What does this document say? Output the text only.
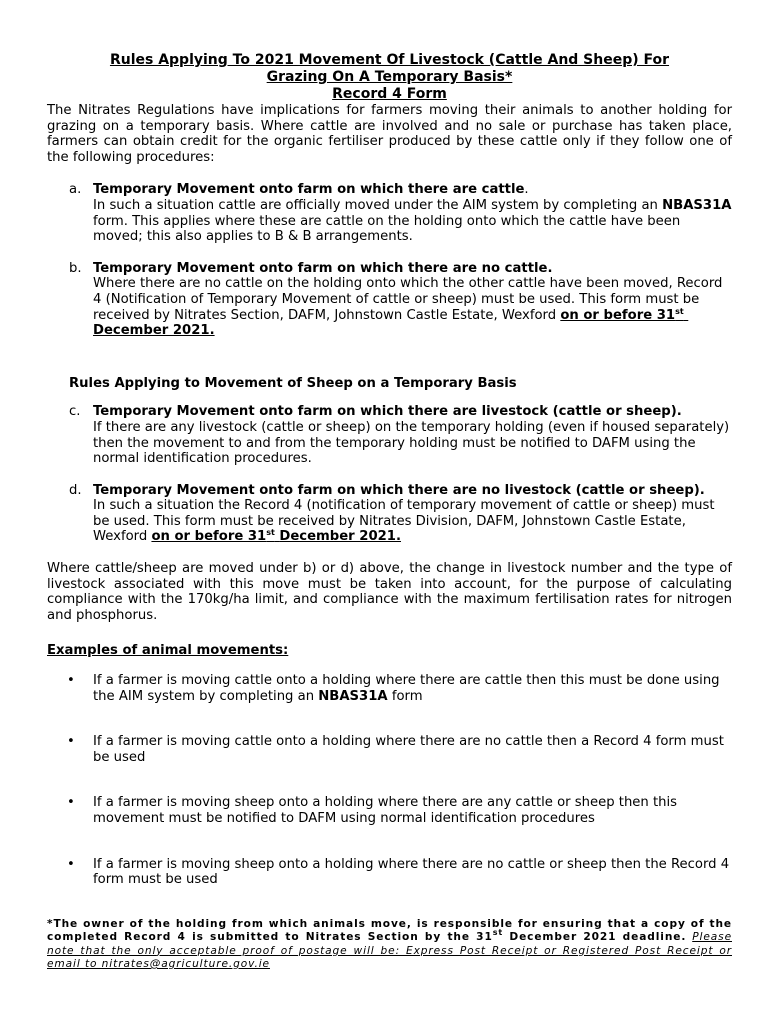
Rules Applying To 2021 Movement Of Livestock (Cattle And Sheep) For
Grazing On A Temporary Basis*
Record 4 Form
The Nitrates Regulations have implications for farmers moving their animals to another holding for grazing on a temporary basis. Where cattle are involved and no sale or purchase has taken place, farmers can obtain credit for the organic fertiliser produced by these cattle only if they follow one of the following procedures:
a. Temporary Movement onto farm on which there are cattle.
In such a situation cattle are officially moved under the AIM system by completing an NBAS31A form. This applies where these are cattle on the holding onto which the cattle have been moved; this also applies to B & B arrangements.
b. Temporary Movement onto farm on which there are no cattle.
Where there are no cattle on the holding onto which the other cattle have been moved, Record 4 (Notification of Temporary Movement of cattle or sheep) must be used. This form must be received by Nitrates Section, DAFM, Johnstown Castle Estate, Wexford on or before 31st  December 2021.
Rules Applying to Movement of Sheep on a Temporary Basis
c. Temporary Movement onto farm on which there are livestock (cattle or sheep).
If there are any livestock (cattle or sheep) on the temporary holding (even if housed separately) then the movement to and from the temporary holding must be notified to DAFM using the normal identification procedures.
d. Temporary Movement onto farm on which there are no livestock (cattle or sheep).
In such a situation the Record 4 (notification of temporary movement of cattle or sheep) must be used. This form must be received by Nitrates Division, DAFM, Johnstown Castle Estate, Wexford on or before 31st December 2021.
Where cattle/sheep are moved under b) or d) above, the change in livestock number and the type of livestock associated with this move must be taken into account, for the purpose of calculating compliance with the 170kg/ha limit, and compliance with the maximum fertilisation rates for nitrogen and phosphorus.
Examples of animal movements:
• If a farmer is moving cattle onto a holding where there are cattle then this must be done using the AIM system by completing an NBAS31A form
• If a farmer is moving cattle onto a holding where there are no cattle then a Record 4 form must be used
• If a farmer is moving sheep onto a holding where there are any cattle or sheep then this movement must be notified to DAFM using normal identification procedures
• If a farmer is moving sheep onto a holding where there are no cattle or sheep then the Record 4 form must be used
*The owner of the holding from which animals move, is responsible for ensuring that a copy of the completed Record 4 is submitted to Nitrates Section by the 31st December 2021 deadline. Please note that the only acceptable proof of postage will be: Express Post Receipt or Registered Post Receipt or email to nitrates@agriculture.gov.ie
